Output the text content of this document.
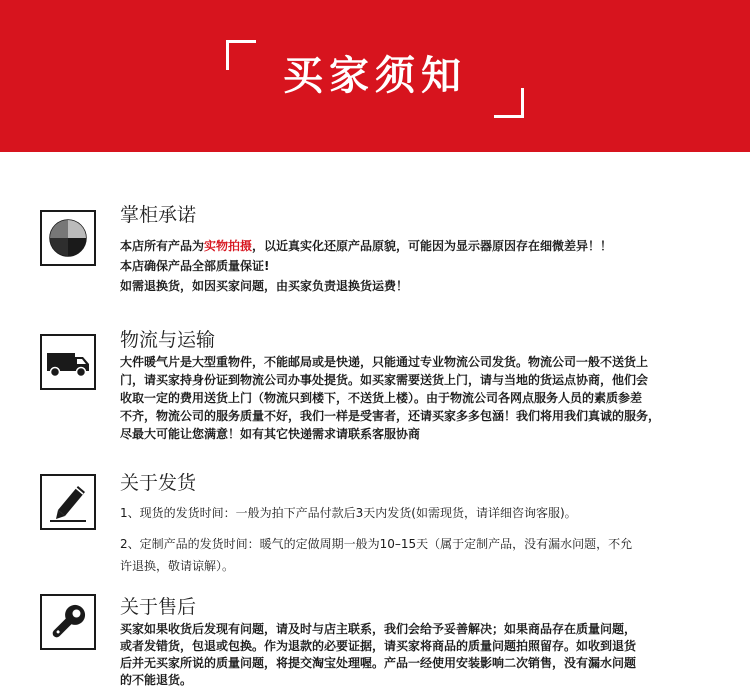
买家须知
掌柜承诺
本店所有产品为实物拍摄，以近真实化还原产品原貌，可能因为显示器原因存在细微差异！！
本店确保产品全部质量保证!
如需退换货，如因买家问题，由买家负责退换货运费！
物流与运输
大件暖气片是大型重物件，不能邮局或是快递，只能通过专业物流公司发货。物流公司一般不送货上
门，请买家持身份证到物流公司办事处提货。如买家需要送货上门，请与当地的货运点协商，他们会
收取一定的费用送货上门（物流只到楼下，不送货上楼）。由于物流公司各网点服务人员的素质参差
不齐，物流公司的服务质量不好，我们一样是受害者，还请买家多多包涵！我们将用我们真诚的服务，
尽最大可能让您满意！如有其它快递需求请联系客服协商
关于发货
1、现货的发货时间：一般为拍下产品付款后3天内发货(如需现货，请详细咨询客服)。
2、定制产品的发货时间：暖气的定做周期一般为10–15天（属于定制产品，没有漏水问题，不允
许退换，敬请谅解）。
关于售后
买家如果收货后发现有问题，请及时与店主联系，我们会给予妥善解决；如果商品存在质量问题，
或者发错货，包退或包换。作为退款的必要证据，请买家将商品的质量问题拍照留存。如收到退货
后并无买家所说的质量问题，将提交淘宝处理喔。产品一经使用安装影响二次销售，没有漏水问题
的不能退货。
